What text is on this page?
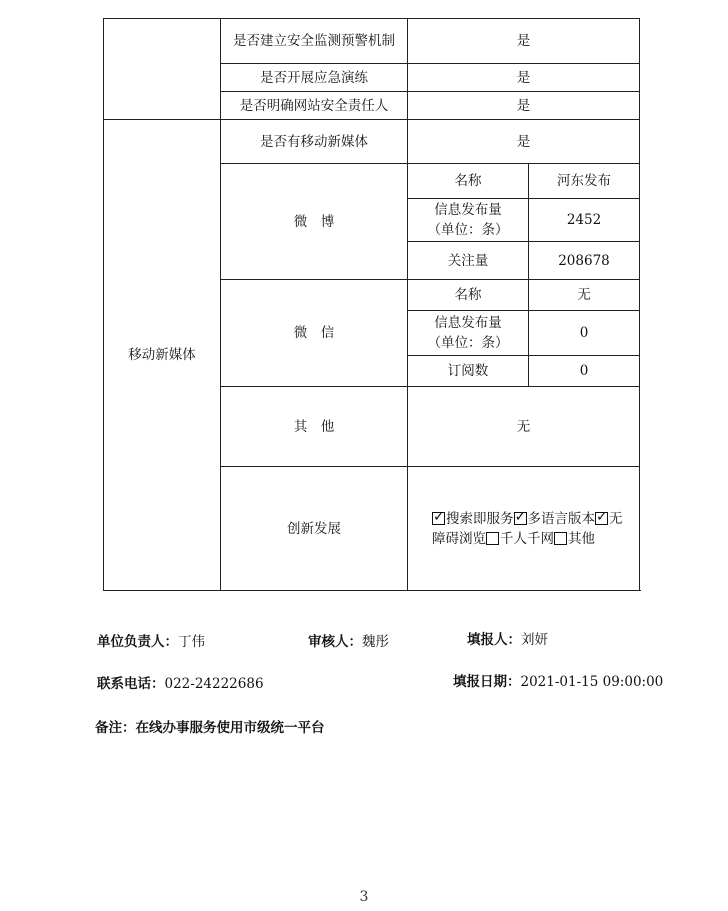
	是否建立安全监测预警机制	是	
	是否开展应急演练	是	
	是否明确网站安全责任人	是	
移动新媒体	是否有移动新媒体	是	
	微　博	名称	河东发布

		信息发布量
（单位：条）	2452
		关注量	208678
	微　信	名称	无

		信息发布量
（单位：条）	0
		订阅数	0
	其　他	无	
	创新发展	✓搜索即服务 ✓ 多语言版本 ✓ 无障碍浏览 千人千网 其他
单位负责人：丁伟	审核人：魏彤	填报人：刘妍
联系电话：022-24222686	填报日期：2021-01-15 09:00:00
备注：在线办事服务使用市级统一平台
3
